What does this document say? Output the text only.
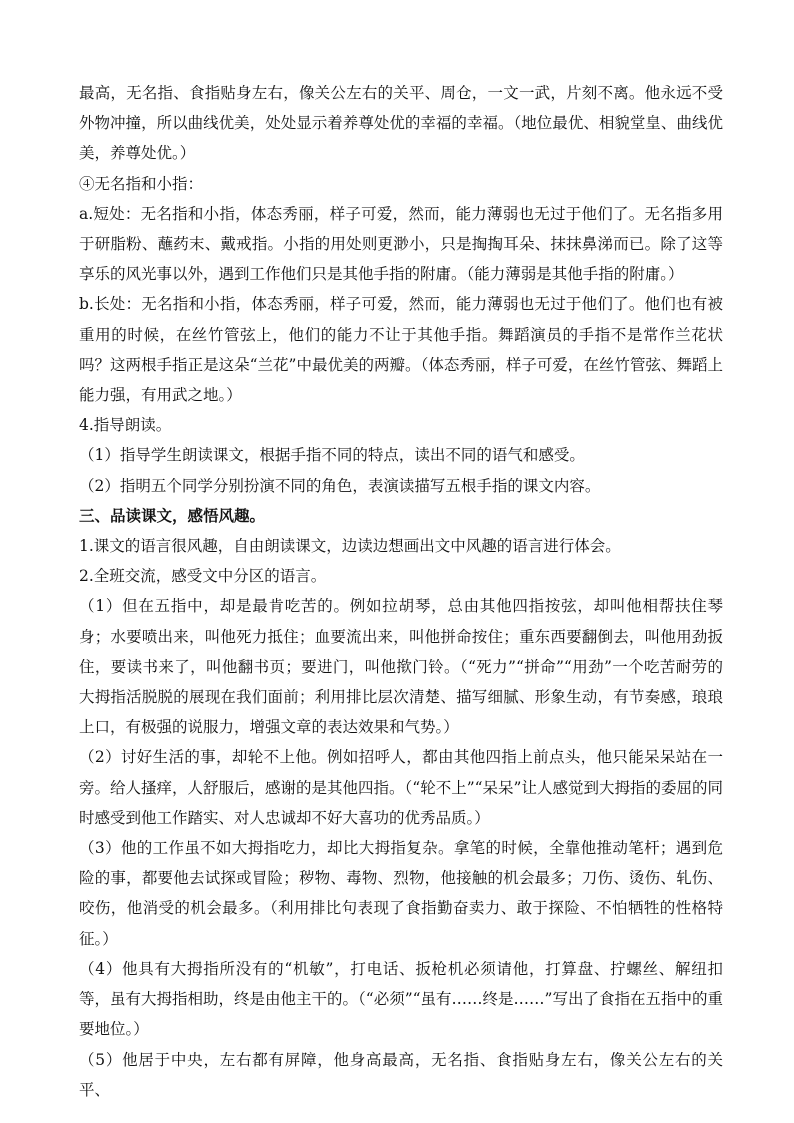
最高，无名指、食指贴身左右，像关公左右的关平、周仓，一文一武，片刻不离。他永远不受外物冲撞，所以曲线优美，处处显示着养尊处优的幸福的幸福。（地位最优、相貌堂皇、曲线优美，养尊处优。）

④无名指和小指：

a.短处：无名指和小指，体态秀丽，样子可爱，然而，能力薄弱也无过于他们了。无名指多用于研脂粉、蘸药末、戴戒指。小指的用处则更渺小，只是掏掏耳朵、抹抹鼻涕而已。除了这等享乐的风光事以外，遇到工作他们只是其他手指的附庸。（能力薄弱是其他手指的附庸。）

b.长处：无名指和小指，体态秀丽，样子可爱，然而，能力薄弱也无过于他们了。他们也有被重用的时候，在丝竹管弦上，他们的能力不让于其他手指。舞蹈演员的手指不是常作兰花状吗？这两根手指正是这朵“兰花”中最优美的两瓣。（体态秀丽，样子可爱，在丝竹管弦、舞蹈上能力强，有用武之地。）

4.指导朗读。

（1）指导学生朗读课文，根据手指不同的特点，读出不同的语气和感受。

（2）指明五个同学分别扮演不同的角色，表演读描写五根手指的课文内容。

三、品读课文，感悟风趣。

1.课文的语言很风趣，自由朗读课文，边读边想画出文中风趣的语言进行体会。

2.全班交流，感受文中分区的语言。

（1）但在五指中，却是最肯吃苦的。例如拉胡琴，总由其他四指按弦，却叫他相帮扶住琴身；水要喷出来，叫他死力抵住；血要流出来，叫他拼命按住；重东西要翻倒去，叫他用劲扳住，要读书来了，叫他翻书页；要进门，叫他揿门铃。（“死力”“拼命”“用劲”一个吃苦耐劳的大拇指活脱脱的展现在我们面前；利用排比层次清楚、描写细腻、形象生动，有节奏感，琅琅上口，有极强的说服力，增强文章的表达效果和气势。）

（2）讨好生活的事，却轮不上他。例如招呼人，都由其他四指上前点头，他只能呆呆站在一旁。给人搔痒，人舒服后，感谢的是其他四指。（“轮不上”“呆呆”让人感觉到大拇指的委屈的同时感受到他工作踏实、对人忠诚却不好大喜功的优秀品质。）

（3）他的工作虽不如大拇指吃力，却比大拇指复杂。拿笔的时候，全靠他推动笔杆；遇到危险的事，都要他去试探或冒险；秽物、毒物、烈物，他接触的机会最多；刀伤、烫伤、轧伤、咬伤，他消受的机会最多。（利用排比句表现了食指勤奋卖力、敢于探险、不怕牺牲的性格特征。）

（4）他具有大拇指所没有的“机敏”，打电话、扳枪机必须请他，打算盘、拧螺丝、解纽扣等，虽有大拇指相助，终是由他主干的。（“必须”“虽有……终是……”写出了食指在五指中的重要地位。）

（5）他居于中央，左右都有屏障，他身高最高，无名指、食指贴身左右，像关公左右的关平、
